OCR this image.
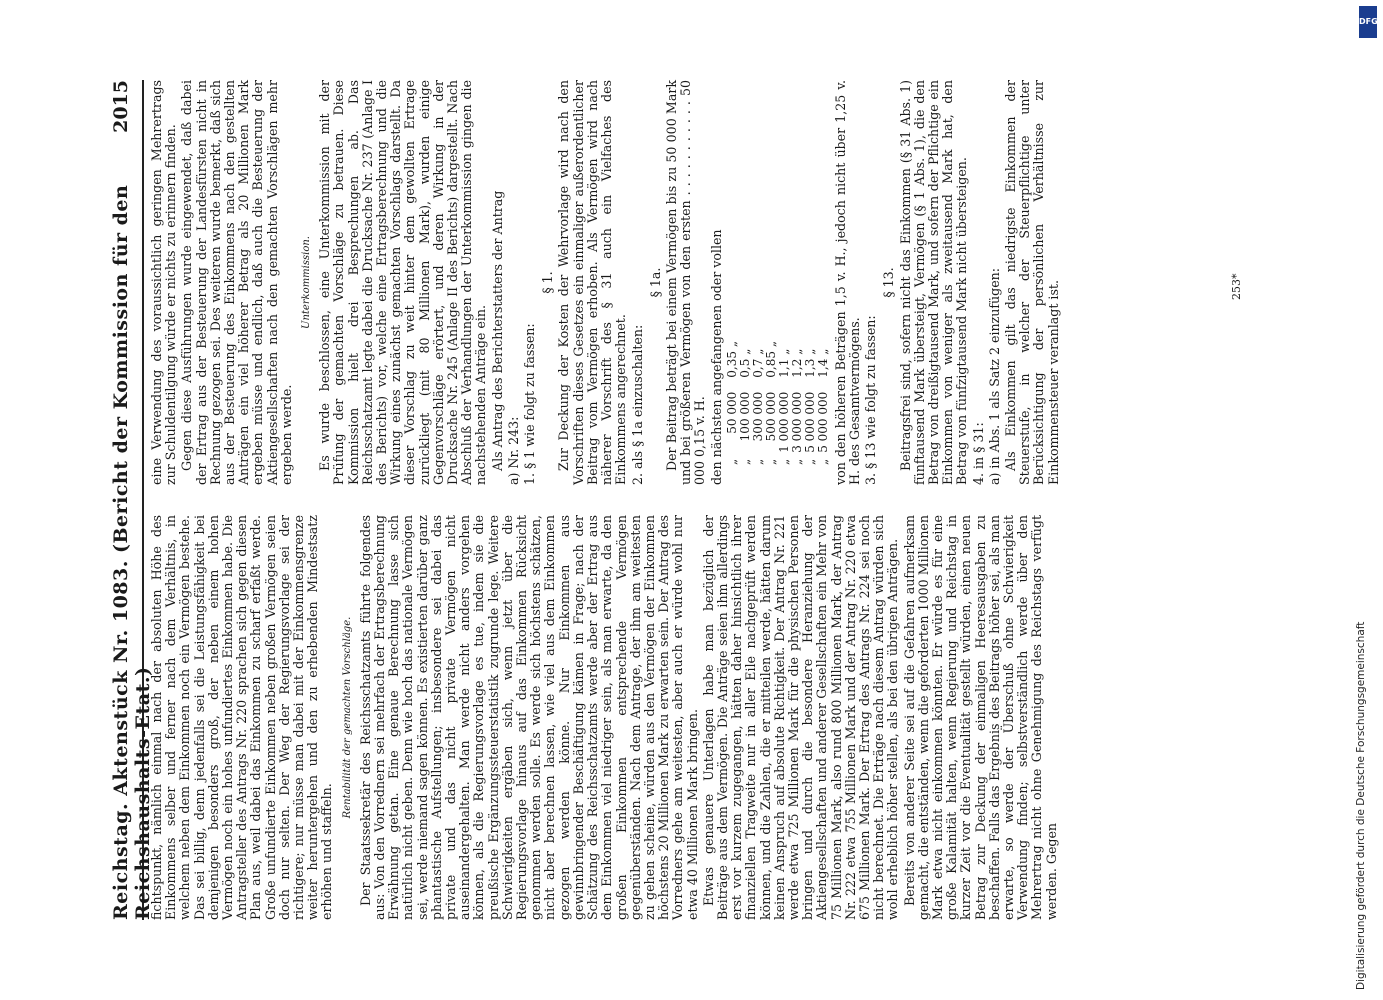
Reichstag. Aktenstück Nr. 1083. (Bericht der Kommission für den Reichshaushalts-Etat.)
2015

fichtspunkt, nämlich einmal nach der absoluten Höhe des Einkommens selber und ferner nach dem Verhältnis, in welchem neben dem Einkommen noch ein Vermögen bestehe. Das sei billig, denn jedenfalls sei die Leistungsfähigkeit bei demjenigen besonders groß, der neben einem hohen Vermögen noch ein hohes unfundiertes Einkommen habe. Die Antragsteller des Antrags Nr. 220 sprachen sich gegen diesen Plan aus, weil dabei das Einkommen zu scharf erfaßt werde. Große unfundierte Einkommen neben großen Vermögen seien doch nur selten. Der Weg der Regierungsvorlage sei der richtigere; nur müsse man dabei mit der Einkommensgrenze weiter heruntergehen und den zu erhebenden Mindestsatz erhöhen und staffeln.

Rentabilität der gemachten Vorschläge. Der Staatssekretär des Reichsschatzamts führte folgendes aus: Von den Vorrednern sei mehrfach der Ertragsberechnung Erwähnung getan. Eine genaue Berechnung lasse sich natürlich nicht geben. Denn wie hoch das nationale Vermögen sei, werde niemand sagen können. Es existierten darüber ganz phantastische Aufstellungen; insbesondere sei dabei das private und das nicht private Vermögen nicht auseinandergehalten. Man werde nicht anders vorgehen können, als die Regierungsvorlage es tue, indem sie die preußische Ergänzungssteuerstatistik zugrunde lege. Weitere Schwierigkeiten ergäben sich, wenn jetzt über die Regierungsvorlage hinaus auf das Einkommen Rücksicht genommen werden solle. Es werde sich höchstens schätzen, nicht aber berechnen lassen, wie viel aus dem Einkommen gezogen werden könne. Nur Einkommen aus gewinnbringender Beschäftigung kämen in Frage; nach der Schätzung des Reichsschatzamts werde aber der Ertrag aus dem Einkommen viel niedriger sein, als man erwarte, da den großen Einkommen entsprechende Vermögen gegenüberständen. Nach dem Antrage, der ihm am weitesten zu gehen scheine, würden aus den Vermögen der Einkommen höchstens 20 Millionen Mark zu erwarten sein. Der Antrag des Vorredners gehe am weitesten, aber auch er würde wohl nur etwa 40 Millionen Mark bringen. Etwas genauere Unterlagen habe man bezüglich der Beiträge aus dem Vermögen. Die Anträge seien ihm allerdings erst vor kurzem zugegangen, hätten daher hinsichtlich ihrer finanziellen Tragweite nur in aller Eile nachgeprüft werden können, und die Zahlen, die er mitteilen werde, hätten darum keinen Anspruch auf absolute Richtigkeit. Der Antrag Nr. 221 werde etwa 725 Millionen Mark für die physischen Personen bringen und durch die besondere Heranziehung der Aktiengesellschaften und anderer Gesellschaften ein Mehr von 75 Millionen Mark, also rund 800 Millionen Mark, der Antrag Nr. 222 etwa 755 Millionen Mark und der Antrag Nr. 220 etwa 675 Millionen Mark. Der Ertrag des Antrags Nr. 224 sei noch nicht berechnet. Die Erträge nach diesem Antrag würden sich wohl erheblich höher stellen, als bei den übrigen Anträgen. Bereits von anderer Seite sei auf die Gefahren aufmerksam gemacht, die entständen, wenn die geforderten 1000 Millionen Mark etwa nicht einkommen könnten. Er würde es für eine große Kalamität halten, wenn Regierung und Reichstag in kurzer Zeit vor die Eventualität gestellt würden, einen neuen Betrag zur Deckung der einmaligen Heeresausgaben zu beschaffen. Falls das Ergebnis des Beitrags höher sei, als man erwarte, so werde der Überschuß ohne Schwierigkeit Verwendung finden; selbstverständlich werde über den Mehrertrag nicht ohne Genehmigung des Reichstags verfügt werden. Gegen

eine Verwendung des voraussichtlich geringen Mehrertrags zur Schuldentilgung würde er nichts zu erinnern finden. Gegen diese Ausführungen wurde eingewendet, daß dabei der Ertrag aus der Besteuerung der Landesfürsten nicht in Rechnung gezogen sei. Des weiteren wurde bemerkt, daß sich aus der Besteuerung des Einkommens nach den gestellten Anträgen ein viel höherer Betrag als 20 Millionen Mark ergeben müsse und endlich, daß auch die Besteuerung der Aktiengesellschaften nach den gemachten Vorschlägen mehr ergeben werde.

Unterkommission. Es wurde beschlossen, eine Unterkommission mit der Prüfung der gemachten Vorschläge zu betrauen. Diese Kommission hielt drei Besprechungen ab. Das Reichsschatzamt legte dabei die Drucksache Nr. 237 (Anlage I des Berichts) vor, welche eine Ertragsberechnung und die Wirkung eines zunächst gemachten Vorschlags darstellt. Da dieser Vorschlag zu weit hinter dem gewollten Ertrage zurückliegt (mit 80 Millionen Mark), wurden einige Gegenvorschläge erörtert, und deren Wirkung in der Drucksache Nr. 245 (Anlage II des Berichts) dargestellt. Nach Abschluß der Verhandlungen der Unterkommission gingen die nachstehenden Anträge ein. Als Antrag des Berichterstatters der Antrag a) Nr. 243: 1. § 1 wie folgt zu fassen:

§ 1. Zur Deckung der Kosten der Wehrvorlage wird nach den Vorschriften dieses Gesetzes ein einmaliger außerordentlicher Beitrag vom Vermögen erhoben. Als Vermögen wird nach näherer Vorschrift des § 31 auch ein Vielfaches des Einkommens angerechnet. 2. als § 1a einzuschalten:

§ 1a. Der Beitrag beträgt bei einem Vermögen bis zu 50 000 Mark und bei größeren Vermögen von den ersten . . . . . . . . . . . 50 000 0,15 v. H. den nächsten angefangenen oder vollen „	50 000	0,35 „
„	100 000	0,5 „
„	300 000	0,7 „
„	500 000	0,85 „
„	1 000 000	1,1 „
„	3 000 000	1,2 „
„	5 000 000	1,3 „
„	5 000 000	1,4 „ von den höheren Beträgen 1,5 v. H., jedoch nicht über 1,25 v. H. des Gesamtvermögens. 3. § 13 wie folgt zu fassen:

§ 13. Beitragsfrei sind, sofern nicht das Einkommen (§ 31 Abs. 1) fünftausend Mark übersteigt, Vermögen (§ 1 Abs. 1), die den Betrag von dreißigtausend Mark, und sofern der Pflichtige ein Einkommen von weniger als zweitausend Mark hat, den Betrag von fünfzigtausend Mark nicht übersteigen. 4. in § 31: a) in Abs. 1 als Satz 2 einzufügen: Als Einkommen gilt das niedrigste Einkommen der Steuerstufe, in welcher der Steuerpflichtige unter Berücksichtigung der persönlichen Verhältnisse zur Einkommensteuer veranlagt ist.	253*
DFG
Digitalisierung gefördert durch die Deutsche Forschungsgemeinschaft
